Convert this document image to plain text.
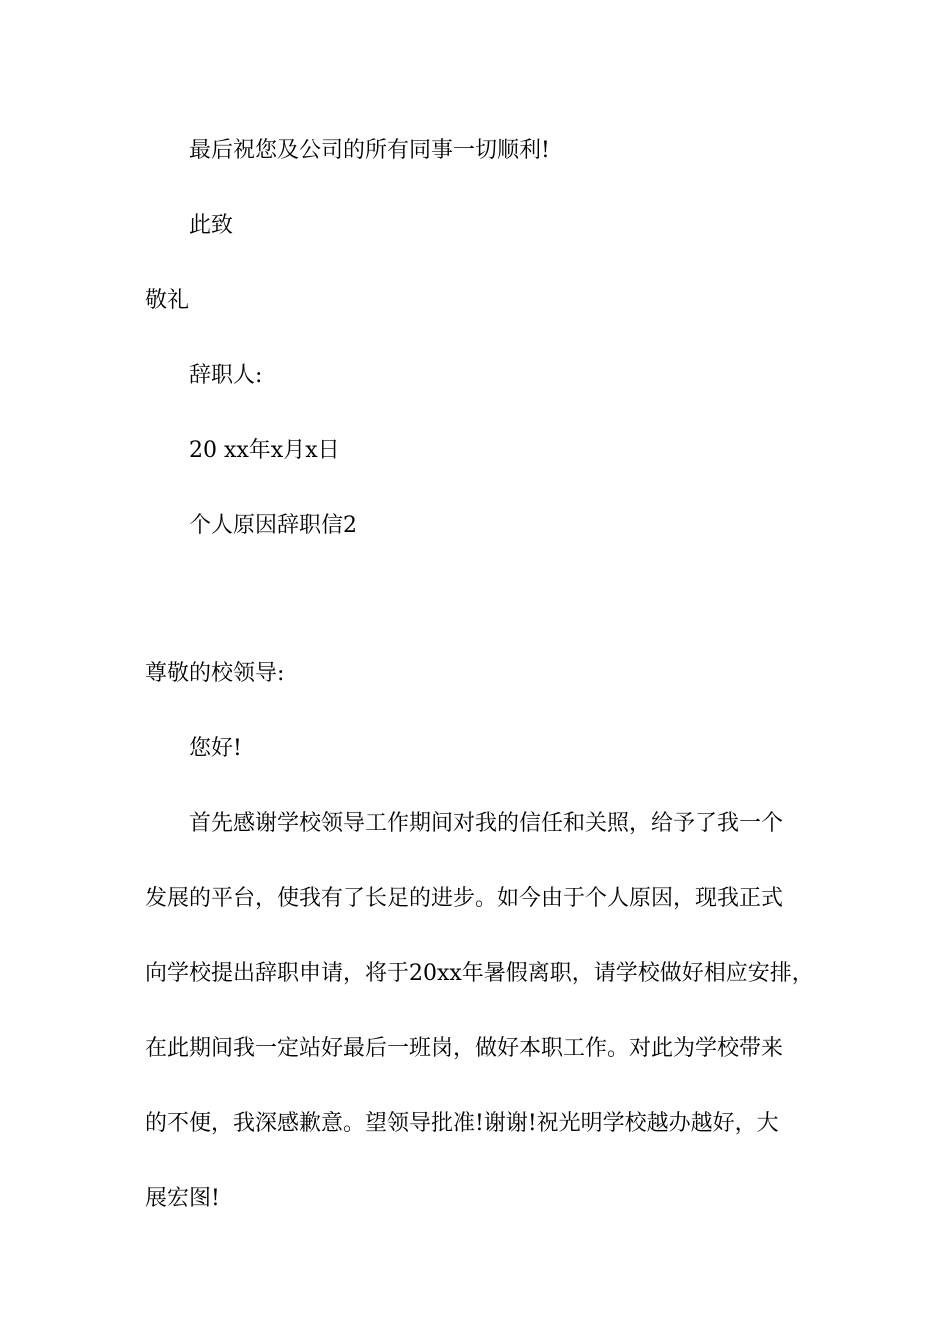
最后祝您及公司的所有同事一切顺利!
此致
敬礼
辞职人:
20 xx年x月x日
个人原因辞职信2
尊敬的校领导:
您好!
首先感谢学校领导工作期间对我的信任和关照，给予了我一个
发展的平台，使我有了长足的进步。如今由于个人原因，现我正式
向学校提出辞职申请，将于20xx年暑假离职，请学校做好相应安排，
在此期间我一定站好最后一班岗，做好本职工作。对此为学校带来
的不便，我深感歉意。望领导批准!谢谢!祝光明学校越办越好，大
展宏图!
